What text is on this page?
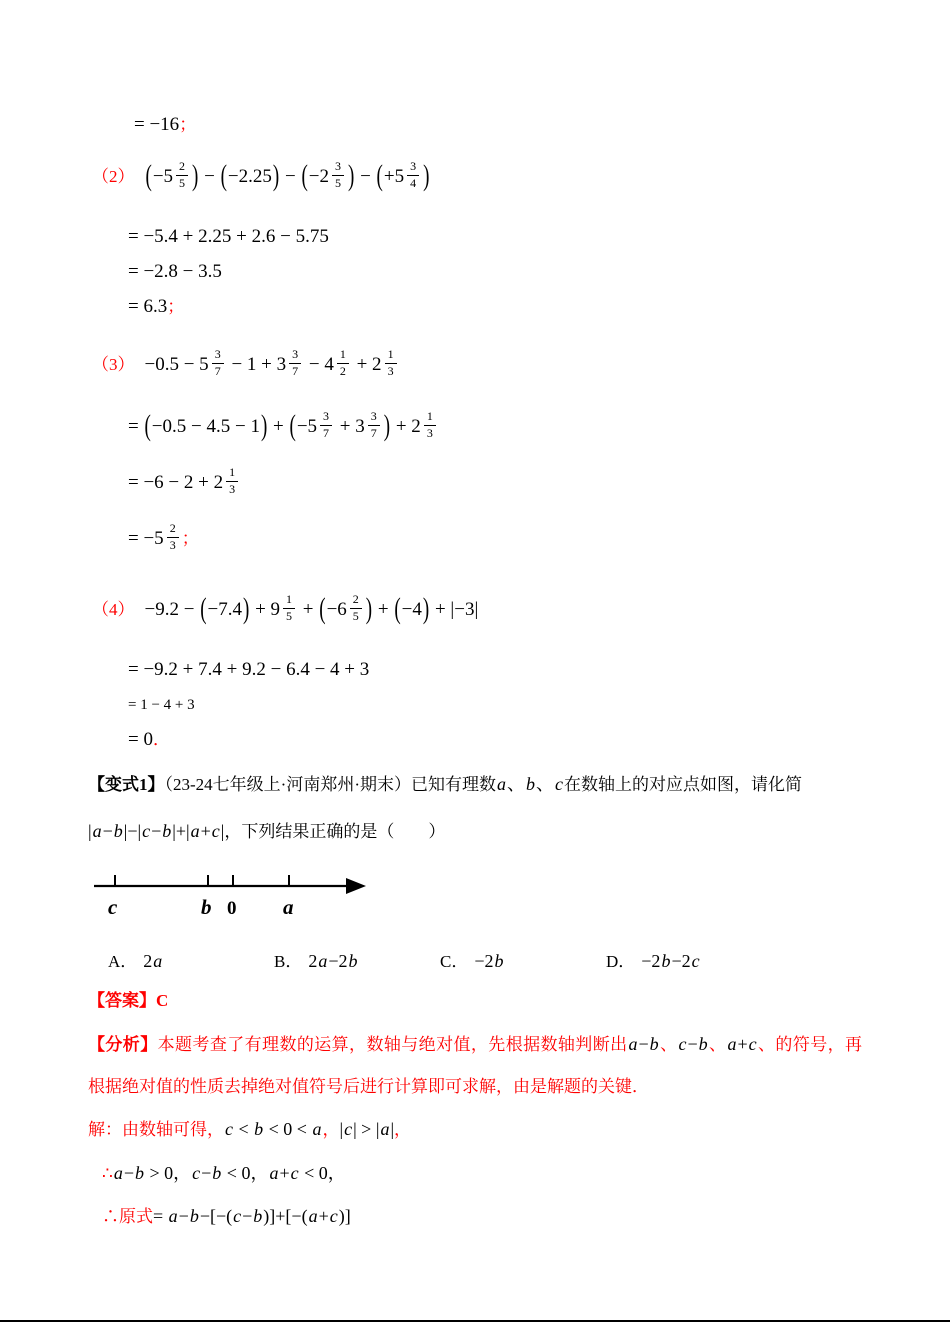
= −16；
（2） ($-5 \frac{2}{5}$ ) − $(-2.25) - (-2 \frac{3}{5}$ ) − ($+5 \frac{3}{4}$ )
= −5.4 + 2.25 + 2.6 − 5.75
= −2.8 − 3.5
= 6.3；
$(3) -0.5 - 5 \frac{3}{7} - 1 + 3 \frac{3}{7} - 4 \frac{1}{2} + 2 \frac{1}{3}$
= $(-0.5 - 4.5 - 1) + (-5 \frac{3}{7} + 3 \frac{3}{7}$ ) + $2 \frac{1}{3}$
= $-6 - 2 + 2 \frac{1}{3}$
= $-5 \frac{2}{3}$ ；
$(4) -9.2 - (-7.4) + 9 \frac{1}{5} + (-6 \frac{2}{5}$ ) + (−4) + |−3|
= −9.2 + 7.4 + 9.2 − 6.4 − 4 + 3
= 1 − 4 + 3
= 0．
【变式1】（23-24七年级上·河南郑州·期末）已知有理数a、b、c在数轴上的对应点如图，请化简
|a−b|−|c−b|+|a+c|，下列结果正确的是（　　）
c	b 0 a
A． 2a	B． 2a−2b	C． −2b	D． −2b−2c
【答案】C
【分析】本题考查了有理数的运算，数轴与绝对值，先根据数轴判断出a−b、c−b、a+c、的符号，再根据绝对值的性质去掉绝对值符号后进行计算即可求解，由是解题的关键．
解：由数轴可得，c < b < 0 < a，|c| > |a|，
∴a−b > 0，c−b < 0，a+c < 0，
∴原式= a−b−[−(c−b)]+[−(a+c)]
